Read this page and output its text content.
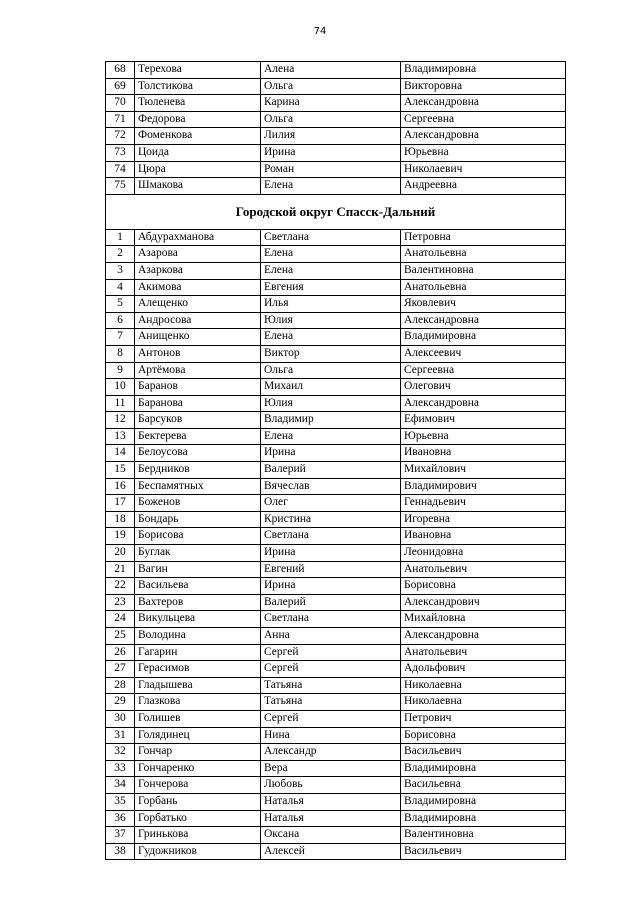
74
68	Терехова	Алена	Владимировна
69	Толстикова	Ольга	Викторовна
70	Тюленева	Карина	Александровна
71	Федорова	Ольга	Сергеевна
72	Фоменкова	Лилия	Александровна
73	Цоида	Ирина	Юрьевна
74	Цюра	Роман	Николаевич
75	Шмакова	Елена	Андреевна
Городской округ Спасск-Дальний			
1	Абдурахманова	Светлана	Петровна
2	Азарова	Елена	Анатольевна
3	Азаркова	Елена	Валентиновна
4	Акимова	Евгения	Анатольевна
5	Алещенко	Илья	Яковлевич
6	Андросова	Юлия	Александровна
7	Анищенко	Елена	Владимировна
8	Антонов	Виктор	Алексеевич
9	Артёмова	Ольга	Сергеевна
10	Баранов	Михаил	Олегович
11	Баранова	Юлия	Александровна
12	Барсуков	Владимир	Ефимович
13	Бектерева	Елена	Юрьевна
14	Белоусова	Ирина	Ивановна
15	Бердников	Валерий	Михайлович
16	Беспамятных	Вячеслав	Владимирович
17	Боженов	Олег	Геннадьевич
18	Бондарь	Кристина	Игоревна
19	Борисова	Светлана	Ивановна
20	Буглак	Ирина	Леонидовна
21	Вагин	Евгений	Анатольевич
22	Васильева	Ирина	Борисовна
23	Вахтеров	Валерий	Александрович
24	Викульцева	Светлана	Михайловна
25	Володина	Анна	Александровна
26	Гагарин	Сергей	Анатольевич
27	Герасимов	Сергей	Адольфович
28	Гладышева	Татьяна	Николаевна
29	Глазкова	Татьяна	Николаевна
30	Голишев	Сергей	Петрович
31	Голядинец	Нина	Борисовна
32	Гончар	Александр	Васильевич
33	Гончаренко	Вера	Владимировна
34	Гончерова	Любовь	Васильевна
35	Горбань	Наталья	Владимировна
36	Горбатько	Наталья	Владимировна
37	Гринькова	Оксана	Валентиновна
38	Гудожников	Алексей	Васильевич
